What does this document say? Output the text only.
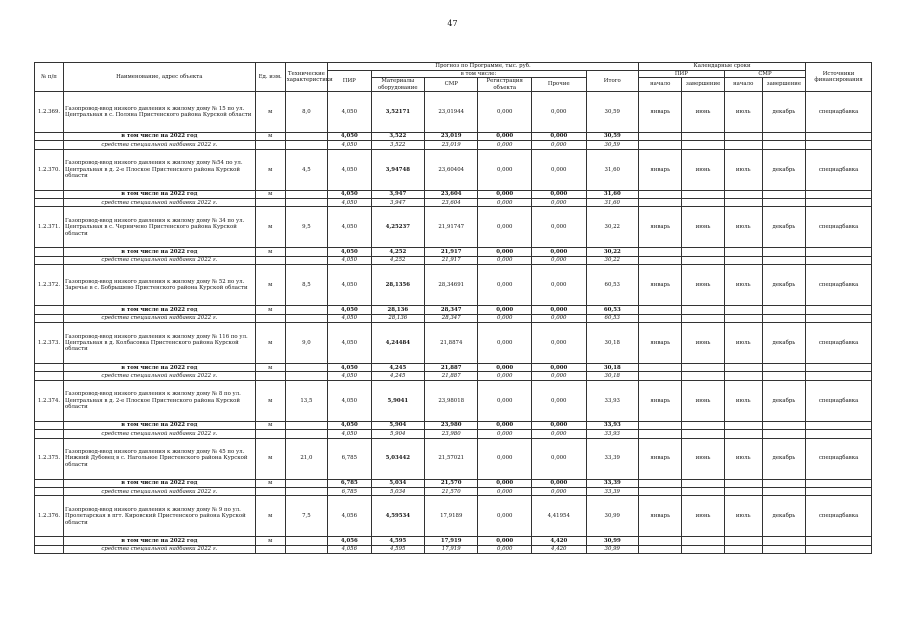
47
№ п/п	Наименование, адрес объекта	Ед. изм.	Технические характеристики	Прогноз по Программе, тыс. руб.						Календарные сроки				Источники финансирования
				ПИР	в том числе:				Итого	ПИР		СМР		
					Материалы оборудование	СМР	Регистрация объекта	Прочие		начало	завершение	начало	завершение	
1.2.369.	Газопровод-ввод низкого давления к жилому дому № 15 по ул. Центральная в с. Поляна Пристенского района Курской области	м	8,0	4,050	3,52171	23,01944	0,000	0,000	30,59	январь	июнь	июль	декабрь	спецнадбавка
	в том числе на 2022 год	м		4,050	3,522	23,019	0,000	0,000	30,59					
	средства специальной надбавки 2022 г.			4,050	3,522	23,019	0,000	0,000	30,59					
1.2.370.	Газопровод-ввод низкого давления к жилому дому №54 по ул. Центральная в д. 2-е Плоское Пристенского района Курской области	м	4,5	4,050	3,94748	23,60404	0,000	0,000	31,60	январь	июнь	июль	декабрь	спецнадбавка
	в том числе на 2022 год	м		4,050	3,947	23,604	0,000	0,000	31,60					
	средства специальной надбавки 2022 г.			4,050	3,947	23,604	0,000	0,000	31,60					
1.2.371.	Газопровод-ввод низкого давления к жилому дому № 34 по ул. Центральная в с. Черничено Пристенского района Курской области	м	9,5	4,050	4,25237	21,91747	0,000	0,000	30,22	январь	июнь	июль	декабрь	спецнадбавка
	в том числе на 2022 год	м		4,050	4,252	21,917	0,000	0,000	30,22					
	средства специальной надбавки 2022 г.			4,050	4,252	21,917	0,000	0,000	30,22					
1.2.372.	Газопровод-ввод низкого давления к жилому дому № 52 по ул. Заречье в с. Бобрышево Пристенского района Курской области	м	8,5	4,050	28,1356	28,34691	0,000	0,000	60,53	январь	июнь	июль	декабрь	спецнадбавка
	в том числе на 2022 год	м		4,050	28,136	28,347	0,000	0,000	60,53					
	средства специальной надбавки 2022 г.			4,050	28,136	28,347	0,000	0,000	60,53					
1.2.373.	Газопровод-ввод низкого давления к жилому дому № 116 по ул. Центральная в д. Колбасовка Пристенского района Курской области	м	9,0	4,050	4,24484	21,8874	0,000	0,000	30,18	январь	июнь	июль	декабрь	спецнадбавка
	в том числе на 2022 год	м		4,050	4,245	21,887	0,000	0,000	30,18					
	средства специальной надбавки 2022 г.			4,050	4,245	21,887	0,000	0,000	30,18					
1.2.374.	Газопровод-ввод низкого давления к жилому дому № 8 по ул. Центральная в д. 2-е Плоское Пристенского района Курской области	м	13,5	4,050	5,9041	23,98018	0,000	0,000	33,93	январь	июнь	июль	декабрь	спецнадбавка
	в том числе на 2022 год	м		4,050	5,904	23,980	0,000	0,000	33,93					
	средства специальной надбавки 2022 г.			4,050	5,904	23,980	0,000	0,000	33,93					
1.2.375.	Газопровод-ввод низкого давления к жилому дому № 45 по ул. Нижний Дубовец в с. Нагольное Пристенского района Курской области	м	21,0	6,785	5,03442	21,57021	0,000	0,000	33,39	январь	июнь	июль	декабрь	спецнадбавка
	в том числе на 2022 год	м		6,785	5,034	21,570	0,000	0,000	33,39					
	средства специальной надбавки 2022 г.			6,785	5,034	21,570	0,000	0,000	33,39					
1.2.376.	Газопровод-ввод низкого давления к жилому дому № 9 по ул. Пролетарская в пгт. Кировский Пристенского района Курской области	м	7,5	4,056	4,59534	17,9189	0,000	4,41954	30,99	январь	июнь	июль	декабрь	спецнадбавка
	в том числе на 2022 год	м		4,056	4,595	17,919	0,000	4,420	30,99					
	средства специальной надбавки 2022 г.			4,056	4,595	17,919	0,000	4,420	30,99					
